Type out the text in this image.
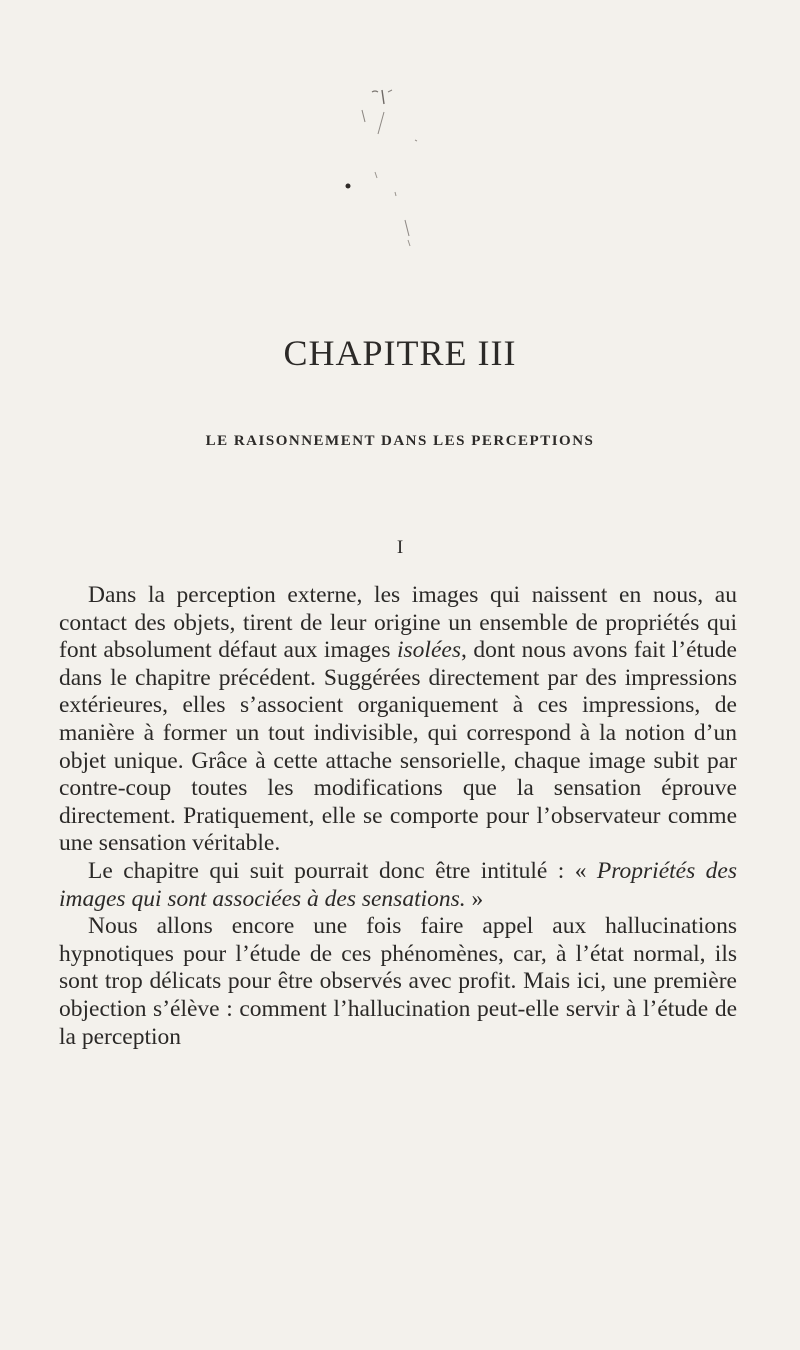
CHAPITRE III
LE RAISONNEMENT DANS LES PERCEPTIONS
I

Dans la perception externe, les images qui naissent en nous, au contact des objets, tirent de leur origine un ensemble de propriétés qui font absolument défaut aux images isolées, dont nous avons fait l’étude dans le chapitre précédent. Suggérées directement par des impressions extérieures, elles s’associent organiquement à ces impressions, de manière à former un tout indivisible, qui correspond à la notion d’un objet unique. Grâce à cette attache sensorielle, chaque image subit par contre-coup toutes les modifications que la sensation éprouve directement. Pratiquement, elle se comporte pour l’observateur comme une sensation véritable.

Le chapitre qui suit pourrait donc être intitulé : « Propriétés des images qui sont associées à des sensations. »

Nous allons encore une fois faire appel aux hallucinations hypnotiques pour l’étude de ces phénomènes, car, à l’état normal, ils sont trop délicats pour être observés avec profit. Mais ici, une première objection s’élève : comment l’hallucination peut-elle servir à l’étude de la perception
